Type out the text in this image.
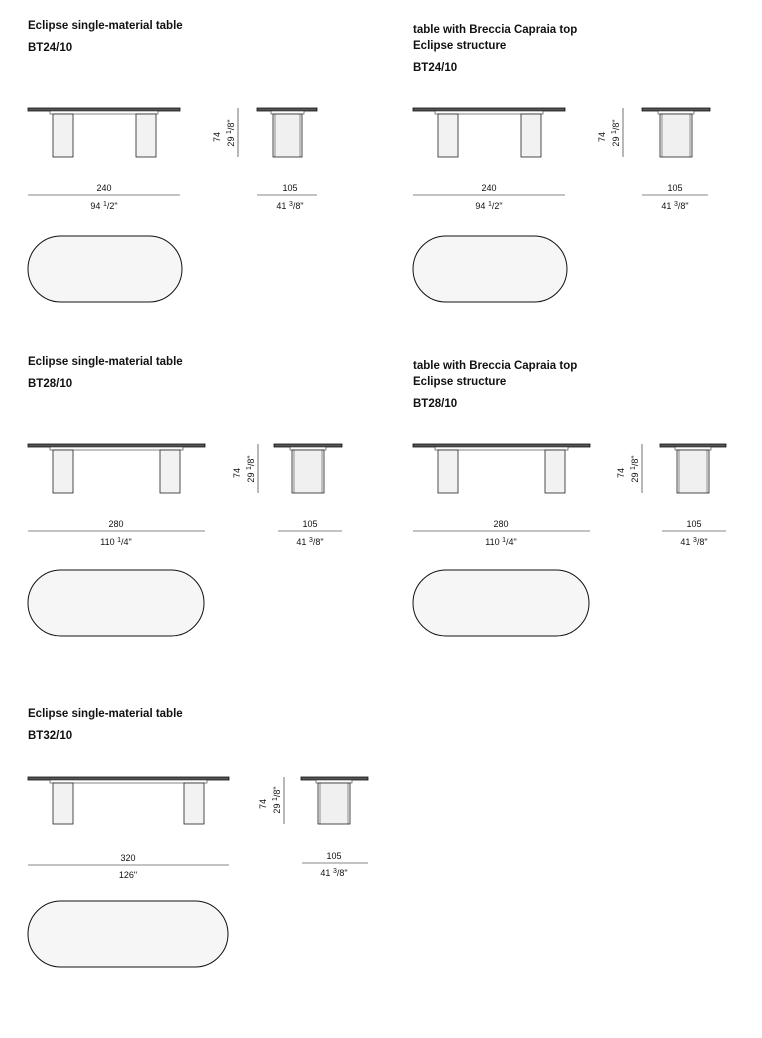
Eclipse single-material table
BT24/10
74 29 $^1$/8"
240
94 $^1$/2"
105
41 $^3$/8"
table with Breccia Capraia top
Eclipse structure
BT24/10
74 29 $^1$/8"
240
94 $^1$/2"
105
41 $^3$/8"
Eclipse single-material table
BT28/10
74 29 $^1$/8"
280
110 $^1$/4"
105
41 $^3$/8"
table with Breccia Capraia top
Eclipse structure
BT28/10
74 29 $^1$/8"
280
110 $^1$/4"
105
41 $^3$/8"
Eclipse single-material table
BT32/10
74 29 $^1$/8"
320
126"
105
41 $^3$/8"
